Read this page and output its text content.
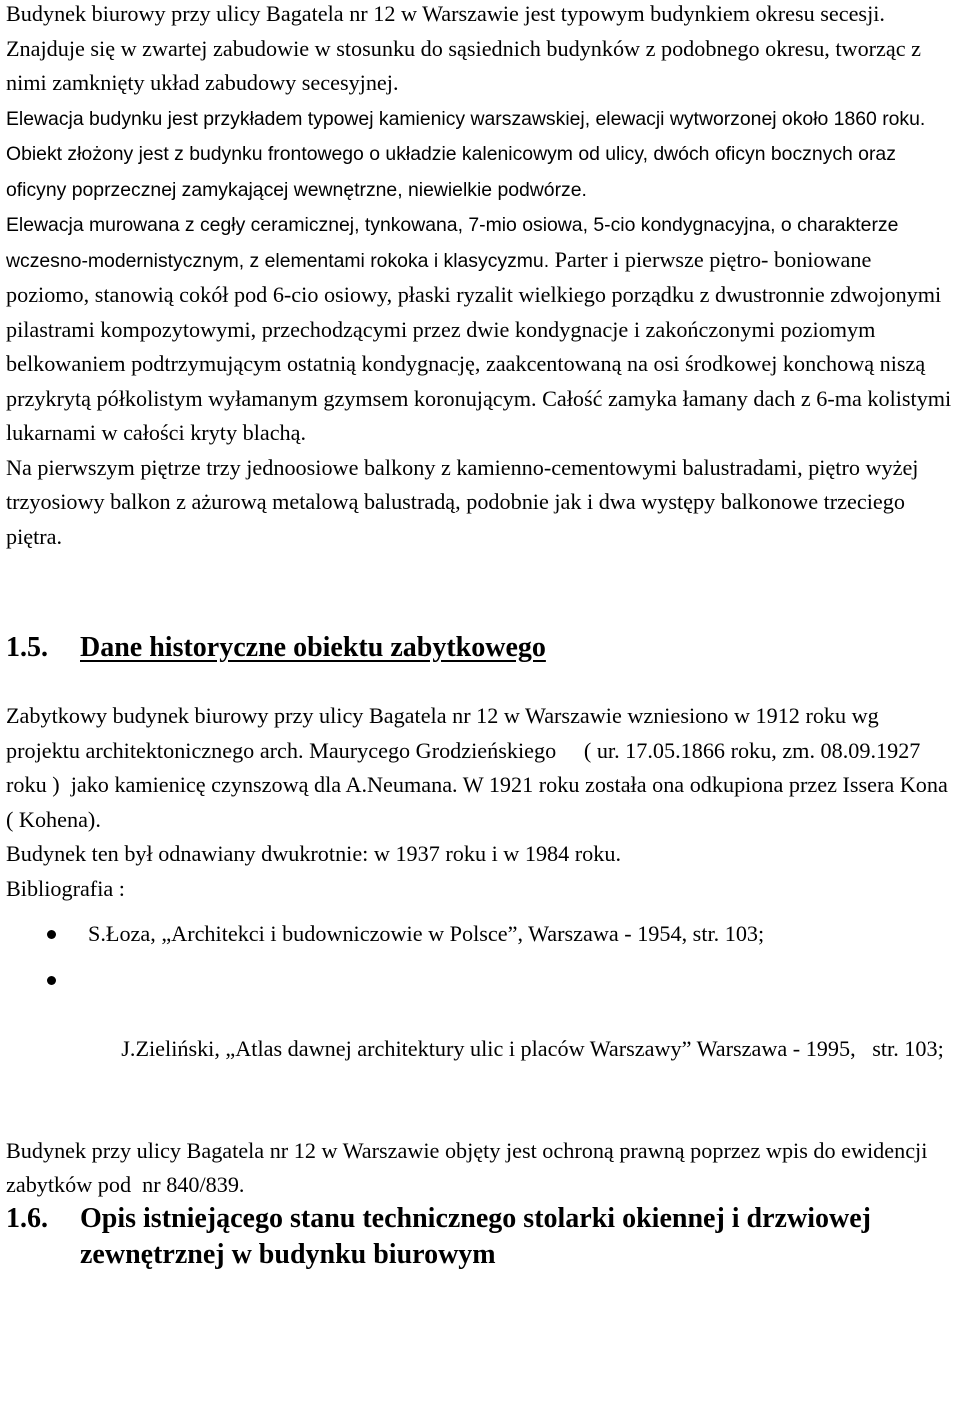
Budynek biurowy przy ulicy Bagatela nr 12 w Warszawie jest typowym budynkiem okresu secesji. Znajduje się w zwartej zabudowie w stosunku do sąsiednich budynków z podobnego okresu, tworząc z nimi zamknięty układ zabudowy secesyjnej.

Elewacja budynku jest przykładem typowej kamienicy warszawskiej, elewacji wytworzonej około 1860 roku. Obiekt złożony jest z budynku frontowego o układzie kalenicowym od ulicy, dwóch oficyn bocznych oraz oficyny poprzecznej zamykającej wewnętrzne, niewielkie podwórze.

Elewacja murowana z cegły ceramicznej, tynkowana, 7-mio osiowa, 5-cio kondygnacyjna, o charakterze wczesno-modernistycznym, z elementami rokoka i klasycyzmu. Parter i pierwsze piętro- boniowane poziomo, stanowią cokół pod 6-cio osiowy, płaski ryzalit wielkiego porządku z dwustronnie zdwojonymi pilastrami kompozytowymi, przechodzącymi przez dwie kondygnacje i zakończonymi poziomym belkowaniem podtrzymującym ostatnią kondygnację, zaakcentowaną na osi środkowej konchową niszą przykrytą półkolistym wyłamanym gzymsem koronującym. Całość zamyka łamany dach z 6-ma kolistymi lukarnami w całości kryty blachą.

Na pierwszym piętrze trzy jednoosiowe balkony z kamienno-cementowymi balustradami, piętro wyżej trzyosiowy balkon z ażurową metalową balustradą, podobnie jak i dwa występy balkonowe trzeciego piętra.

1.5.	Dane historyczne obiektu zabytkowego

Zabytkowy budynek biurowy przy ulicy Bagatela nr 12 w Warszawie wzniesiono w 1912 roku wg projektu architektonicznego arch. Maurycego Grodzieńskiego     ( ur. 17.05.1866 roku, zm. 08.09.1927 roku )  jako kamienicę czynszową dla A.Neumana. W 1921 roku została ona odkupiona przez Issera Kona ( Kohena).

Budynek ten był odnawiany dwukrotnie: w 1937 roku i w 1984 roku.

Bibliografia :

S.Łoza, „Architekci i budowniczowie w Polsce”, Warszawa - 1954, str. 103;

J.Zieliński, „Atlas dawnej architektury ulic i placów Warszawy” Warszawa - 1995,   str. 103;

Budynek przy ulicy Bagatela nr 12 w Warszawie objęty jest ochroną prawną poprzez wpis do ewidencji zabytków pod  nr 840/839.

1.6.	Opis istniejącego stanu technicznego stolarki okiennej i drzwiowej zewnętrznej w budynku biurowym
